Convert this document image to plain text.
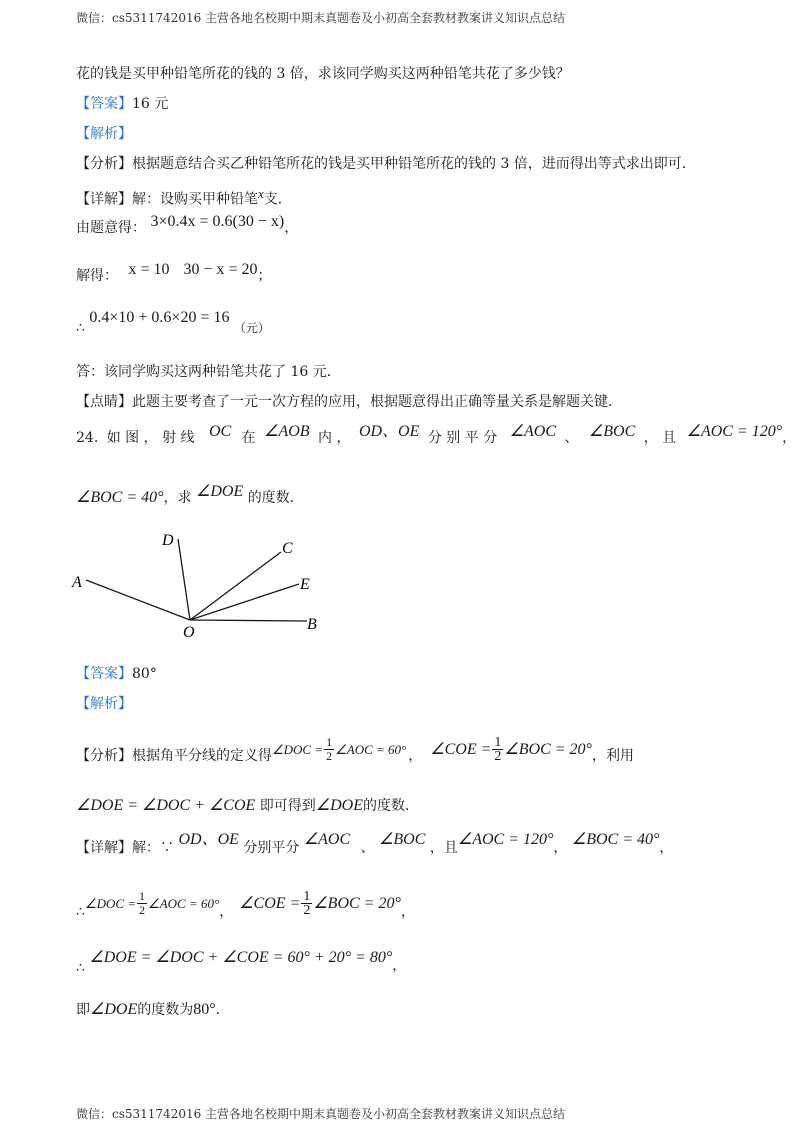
微信：cs5311742016 主营各地名校期中期末真题卷及小初高全套教材教案讲义知识点总结
花的钱是买甲种铅笔所花的钱的 3 倍，求该同学购买这两种铅笔共花了多少钱？
【答案】16 元
【解析】
【分析】根据题意结合买乙种铅笔所花的钱是买甲种铅笔所花的钱的 3 倍，进而得出等式求出即可．
【详解】解：设购买甲种铅笔$^x$支．
由题意得： 3×0.4x = 0.6(30 − x)，
解得： x = 10 30 − x = 20；
∴ 0.4×10 + 0.6×20 = 16 （元）
答：该同学购买这两种铅笔共花了 16 元．
【点睛】此题主要考查了一元一次方程的应用，根据题意得出正确等量关系是解题关键．
24. 如 图 ， 射 线 OC 在 ∠AOB 内 ， OD、OE 分 别 平 分 ∠AOC 、 ∠BOC ， 且 ∠AOC = 120°，
∠BOC = 40°，求 ∠DOE 的度数．
D	C
E
A
O	B
【答案】80°
【解析】
【分析】根据角平分线的定义得 ∠DOC = $\frac{1}{2}$ ∠AOC = 60° ， ∠COE = $\frac{1}{2}$ ∠BOC = 20° ，利用
∠DOE = ∠DOC + ∠COE 即可得到∠DOE的度数．
【详解】解：∵ OD、OE 分别平分 ∠AOC 、 ∠BOC ，且∠AOC = 120°， ∠BOC = 40°，
∴
∠DOC = $\frac{1}{2}$ ∠AOC = 60°
， ∠COE = $\frac{1}{2}$ ∠BOC = 20° ，
∴ ∠DOE = ∠DOC + ∠COE = 60° + 20° = 80°，
即∠DOE的度数为80°．
微信：cs5311742016 主营各地名校期中期末真题卷及小初高全套教材教案讲义知识点总结
